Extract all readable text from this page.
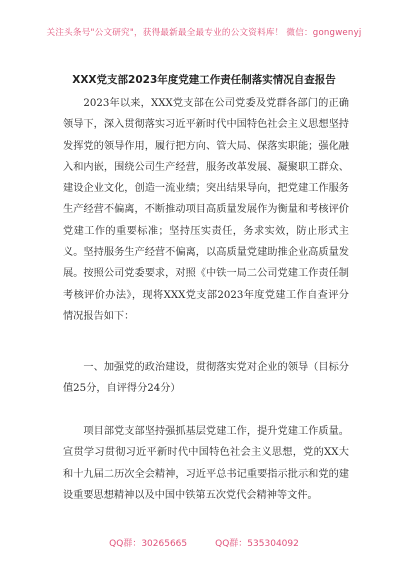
关注头条号"公文研究"，获得最新最全最专业的公文资料库！ 微信：gongwenyj
XXX党支部2023年度党建工作责任制落实情况自查报告

2023年以来，XXX党支部在公司党委及党群各部门的正确领导下，深入贯彻落实习近平新时代中国特色社会主义思想坚持发挥党的领导作用，履行把方向、管大局、保落实职能；强化融入和内嵌，围绕公司生产经营，服务改革发展、凝聚职工群众、建设企业文化，创造一流业绩；突出结果导向，把党建工作服务生产经营不偏离，不断推动项目高质量发展作为衡量和考核评价党建工作的重要标准；坚持压实责任，务求实效，防止形式主义。坚持服务生产经营不偏离，以高质量党建助推企业高质量发展。按照公司党委要求，对照《中铁一局二公司党建工作责任制考核评价办法》，现将XXX党支部2023年度党建工作自查评分情况报告如下：

一、加强党的政治建设，贯彻落实党对企业的领导（目标分值25分，自评得分24分）

项目部党支部坚持强抓基层党建工作，提升党建工作质量。宣贯学习贯彻习近平新时代中国特色社会主义思想，党的XX大和十九届二历次全会精神，习近平总书记重要指示批示和党的建设重要思想精神以及中国中铁第五次党代会精神等文件。

QQ群：30265665	QQ群：535304092
